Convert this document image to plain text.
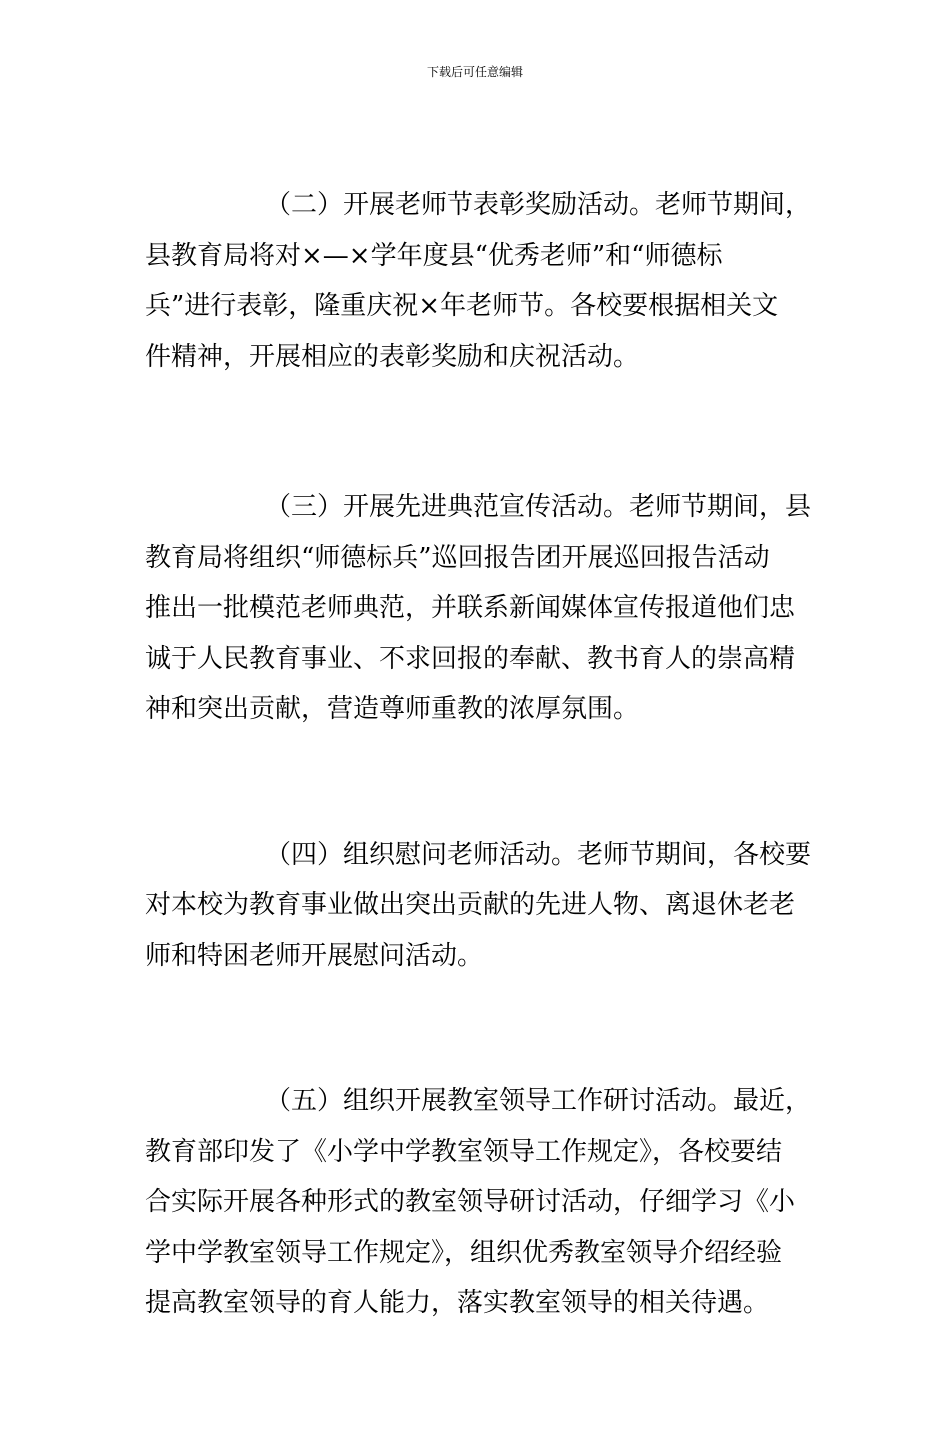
下载后可任意编辑
（二）开展老师节表彰奖励活动。老师节期间，
县教育局将对×—×学年度县“优秀老师”和“师德标
兵”进行表彰，隆重庆祝×年老师节。各校要根据相关文
件精神，开展相应的表彰奖励和庆祝活动。
（三）开展先进典范宣传活动。老师节期间，县
教育局将组织“师德标兵”巡回报告团开展巡回报告活动
推出一批模范老师典范，并联系新闻媒体宣传报道他们忠
诚于人民教育事业、不求回报的奉献、教书育人的崇高精
神和突出贡献，营造尊师重教的浓厚氛围。
（四）组织慰问老师活动。老师节期间，各校要
对本校为教育事业做出突出贡献的先进人物、离退休老老
师和特困老师开展慰问活动。
（五）组织开展教室领导工作研讨活动。最近，
教育部印发了《小学中学教室领导工作规定》，各校要结
合实际开展各种形式的教室领导研讨活动，仔细学习《小
学中学教室领导工作规定》，组织优秀教室领导介绍经验
提高教室领导的育人能力，落实教室领导的相关待遇。
